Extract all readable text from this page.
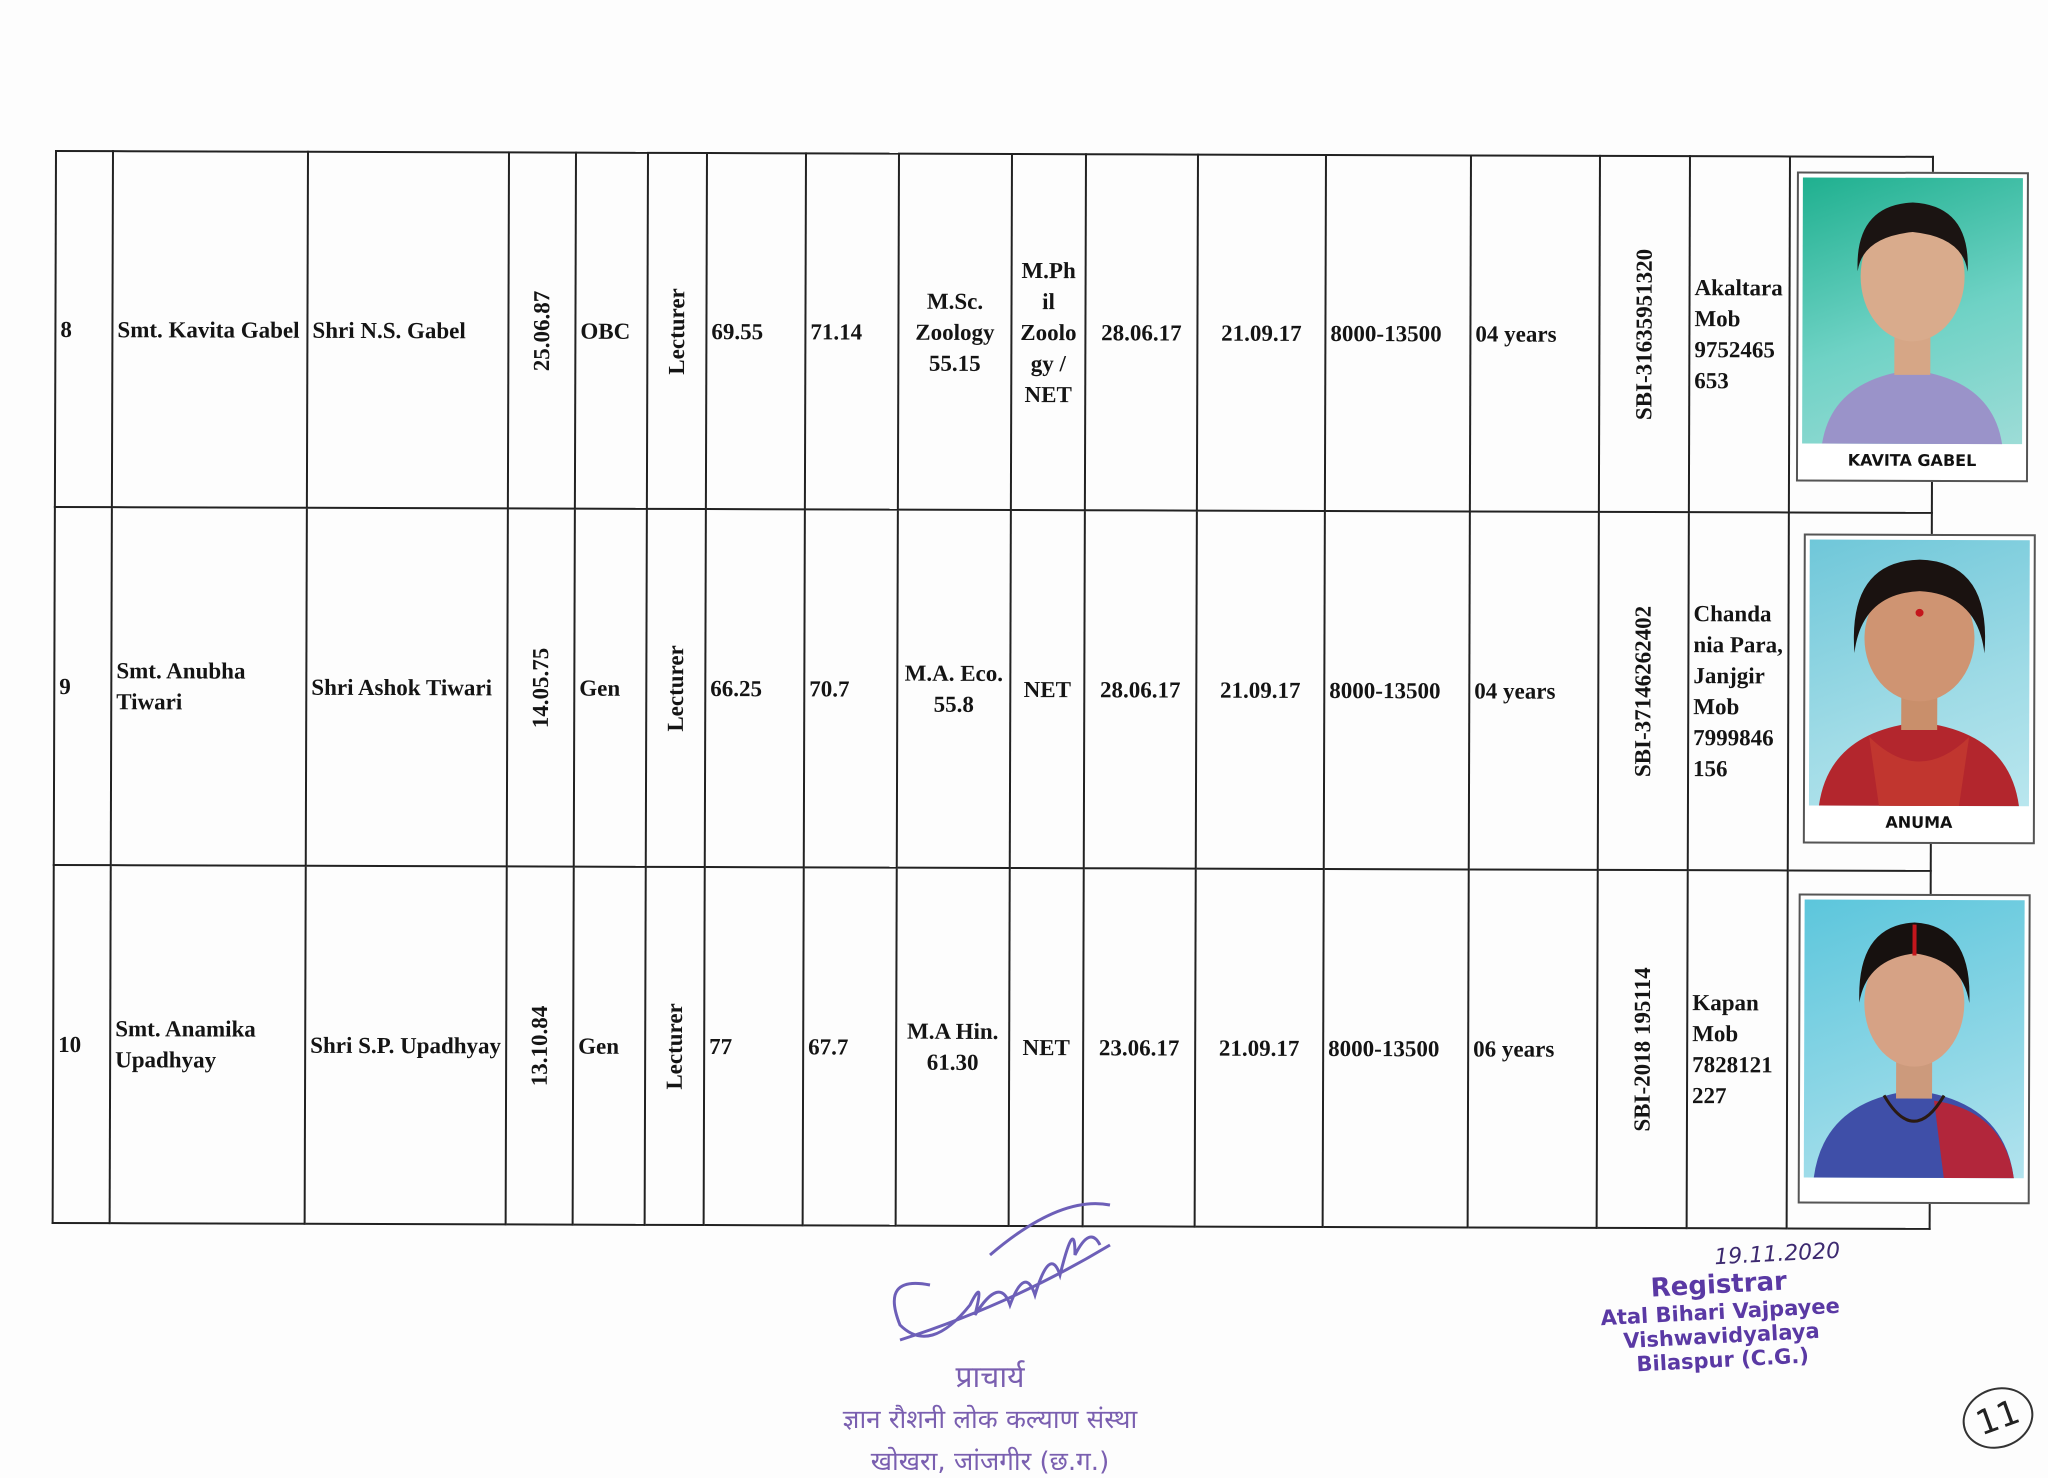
8	Smt. Kavita Gabel	Shri N.S. Gabel	25.06.87	OBC	Lecturer	69.55	71.14	M.Sc. Zoology 55.15	M.Ph il Zoolo gy / NET	28.06.17	21.09.17	8000-13500	04 years	SBI-31635951320	Akaltara Mob 9752465 653	KAVITA GABEL

9	Smt. Anubha Tiwari	Shri Ashok Tiwari	14.05.75	Gen	Lecturer	66.25	70.7	M.A. Eco. 55.8	NET	28.06.17	21.09.17	8000-13500	04 years	SBI-37146262402	Chanda nia Para, Janjgir Mob 7999846 156	ANUMA

10	Smt. Anamika Upadhyay	Shri S.P. Upadhyay	13.10.84	Gen	Lecturer	77	67.7	M.A Hin. 61.30	NET	23.06.17	21.09.17	8000-13500	06 years	SBI-2018 195114	Kapan Mob 7828121 227	
प्राचार्य
ज्ञान रौशनी लोक कल्याण संस्था
खोखरा, जांजगीर (छ.ग.)
19.11.2020
Registrar
Atal Bihari Vajpayee Vishwavidyalaya
Bilaspur (C.G.)
11
